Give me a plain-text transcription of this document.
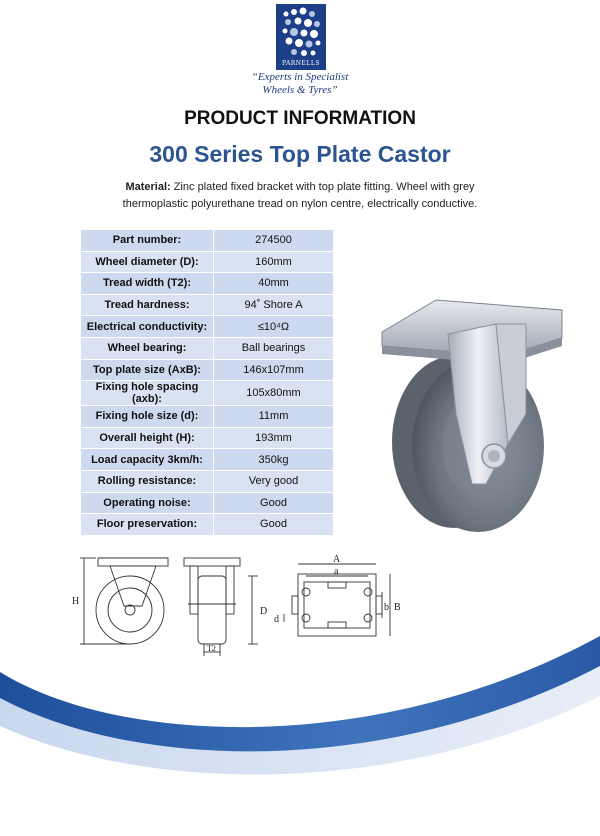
PARNELLS
“Experts in Specialist
Wheels & Tyres”
PRODUCT INFORMATION
300 Series Top Plate Castor
Material: Zinc plated fixed bracket with top plate fitting. Wheel with grey
thermoplastic polyurethane tread on nylon centre, electrically conductive.
Part number:	274500
Wheel diameter (D):	160mm
Tread width (T2):	40mm
Tread hardness:	94˚ Shore A
Electrical conductivity:	≤10⁴Ω
Wheel bearing:	Ball bearings
Top plate size (AxB):	146x107mm
Fixing hole spacing (axb):	105x80mm
Fixing hole size (d):	11mm
Overall height (H):	193mm
Load capacity 3km/h:	350kg
Rolling resistance:	Very good
Operating noise:	Good
Floor preservation:	Good
H
D
T2
A
a
b B
d
